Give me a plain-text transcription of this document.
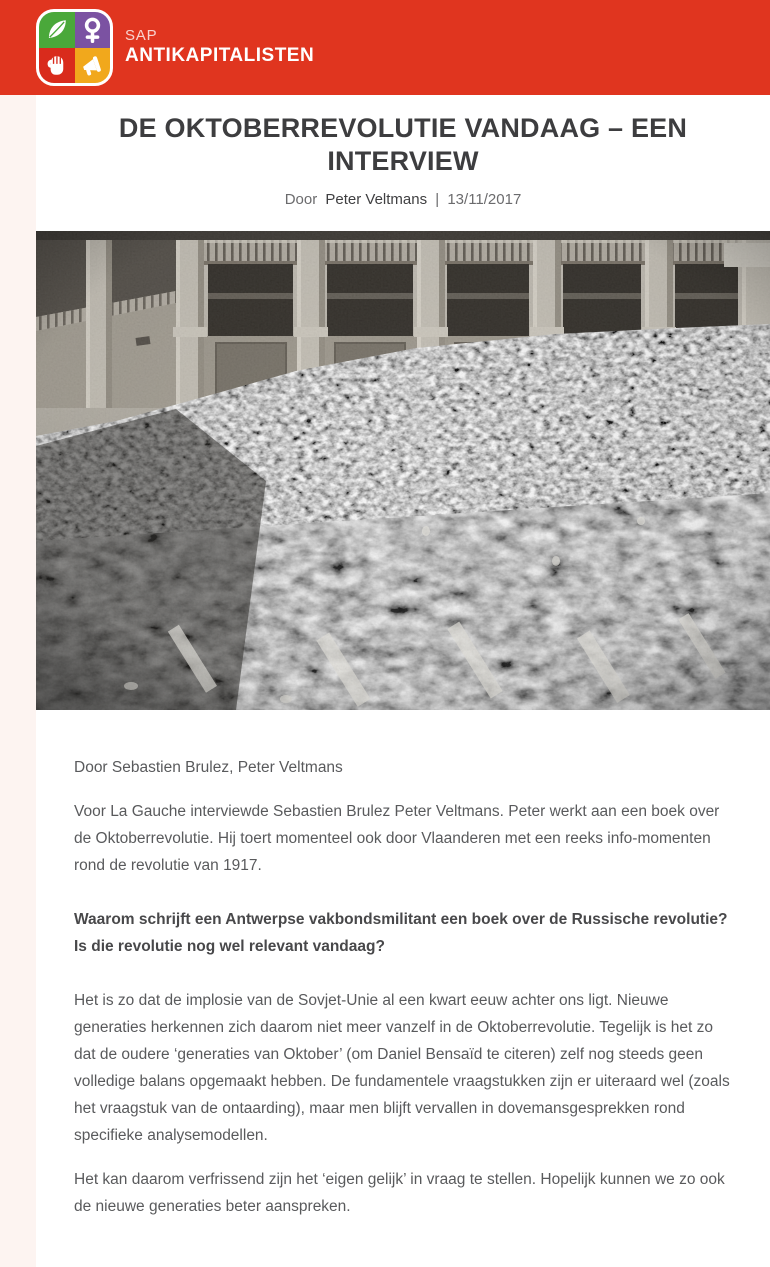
SAP
ANTIKAPITALISTEN
DE OKTOBERREVOLUTIE VANDAAG – EEN
INTERVIEW
Door Peter Veltmans | 13/11/2017

Door Sebastien Brulez, Peter Veltmans

Voor La Gauche interviewde Sebastien Brulez Peter Veltmans. Peter werkt aan een boek over de Oktoberrevolutie. Hij toert momenteel ook door Vlaanderen met een reeks info-momenten rond de revolutie van 1917.

Waarom schrijft een Antwerpse vakbondsmilitant een boek over de Russische revolutie? Is die revolutie nog wel relevant vandaag?

Het is zo dat de implosie van de Sovjet-Unie al een kwart eeuw achter ons ligt. Nieuwe generaties herkennen zich daarom niet meer vanzelf in de Oktoberrevolutie. Tegelijk is het zo dat de oudere ‘generaties van Oktober’ (om Daniel Bensaïd te citeren) zelf nog steeds geen volledige balans opgemaakt hebben. De fundamentele vraagstukken zijn er uiteraard wel (zoals het vraagstuk van de ontaarding), maar men blijft vervallen in dovemansgesprekken rond specifieke analysemodellen.

Het kan daarom verfrissend zijn het ‘eigen gelijk’ in vraag te stellen. Hopelijk kunnen we zo ook de nieuwe generaties beter aanspreken.
